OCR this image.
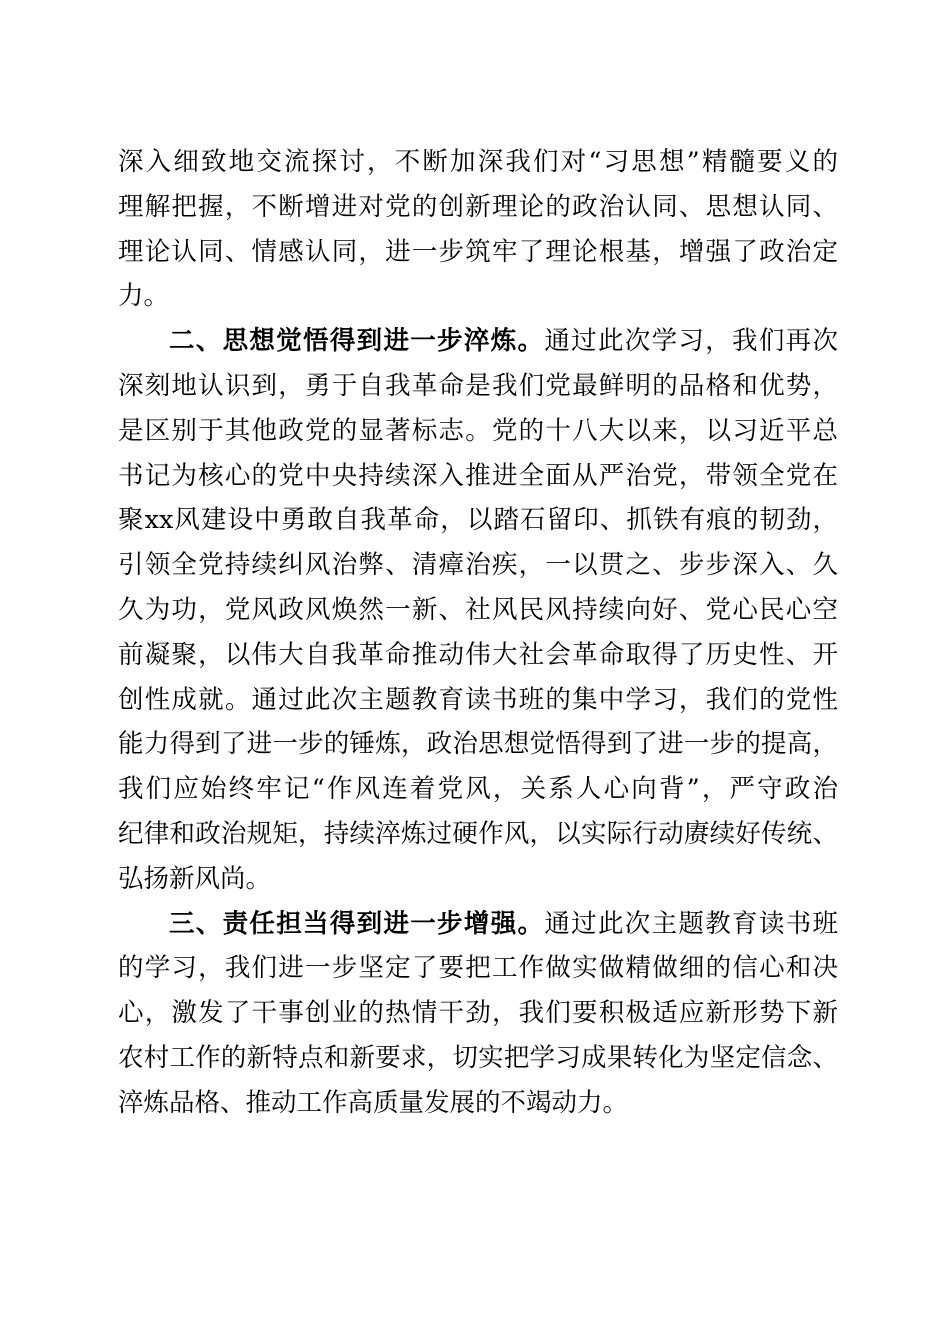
深入细致地交流探讨，不断加深我们对“习思想”精髓要义的
理解把握，不断增进对党的创新理论的政治认同、思想认同、
理论认同、情感认同，进一步筑牢了理论根基，增强了政治定
力。
二、思想觉悟得到进一步淬炼。通过此次学习，我们再次
深刻地认识到，勇于自我革命是我们党最鲜明的品格和优势，
是区别于其他政党的显著标志。党的十八大以来，以习近平总
书记为核心的党中央持续深入推进全面从严治党，带领全党在
聚xx风建设中勇敢自我革命，以踏石留印、抓铁有痕的韧劲，
引领全党持续纠风治弊、清瘴治疾，一以贯之、步步深入、久
久为功，党风政风焕然一新、社风民风持续向好、党心民心空
前凝聚，以伟大自我革命推动伟大社会革命取得了历史性、开
创性成就。通过此次主题教育读书班的集中学习，我们的党性
能力得到了进一步的锤炼，政治思想觉悟得到了进一步的提高，
我们应始终牢记“作风连着党风，关系人心向背”，严守政治
纪律和政治规矩，持续淬炼过硬作风，以实际行动赓续好传统、
弘扬新风尚。
三、责任担当得到进一步增强。通过此次主题教育读书班
的学习，我们进一步坚定了要把工作做实做精做细的信心和决
心，激发了干事创业的热情干劲，我们要积极适应新形势下新
农村工作的新特点和新要求，切实把学习成果转化为坚定信念、
淬炼品格、推动工作高质量发展的不竭动力。
